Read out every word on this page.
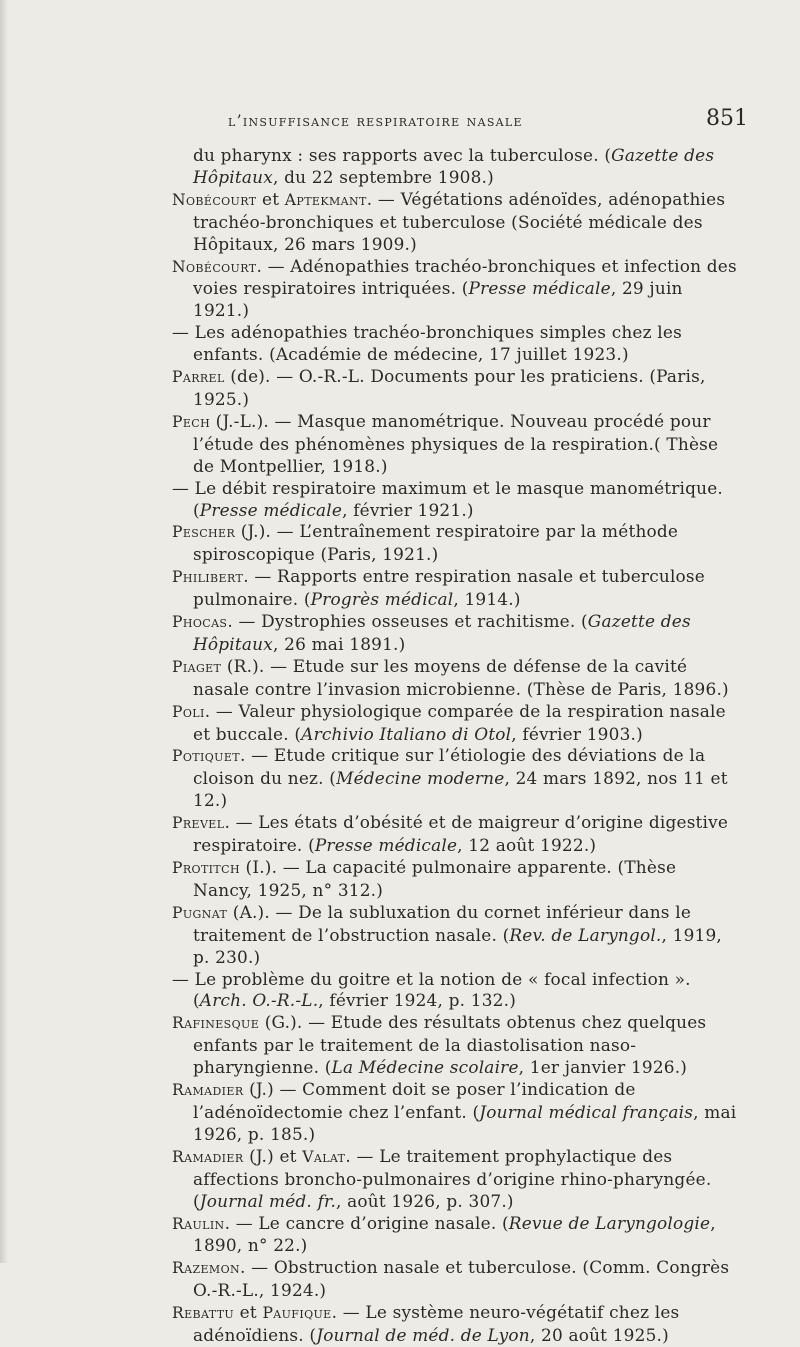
l’insuffisance respiratoire nasale	851
du pharynx : ses rapports avec la tuberculose. (Gazette des Hôpitaux, du 22 septembre 1908.)
Nobécourt et Aptekmant. — Végétations adénoïdes, adénopathies trachéo-bronchiques et tuberculose (Société médicale des Hôpitaux, 26 mars 1909.)
Nobécourt. — Adénopathies trachéo-bronchiques et infection des voies respiratoires intriquées. (Presse médicale, 29 juin 1921.)
— Les adénopathies trachéo-bronchiques simples chez les enfants. (Académie de médecine, 17 juillet 1923.)
Parrel (de). — O.-R.-L. Documents pour les praticiens. (Paris, 1925.)
Pech (J.-L.). — Masque manométrique. Nouveau procédé pour l’étude des phénomènes physiques de la respiration.( Thèse de Montpellier, 1918.)
— Le débit respiratoire maximum et le masque manométrique. (Presse médicale, février 1921.)
Pescher (J.). — L’entraînement respiratoire par la méthode spiroscopique (Paris, 1921.)
Philibert. — Rapports entre respiration nasale et tuberculose pulmonaire. (Progrès médical, 1914.)
Phocas. — Dystrophies osseuses et rachitisme. (Gazette des Hôpitaux, 26 mai 1891.)
Piaget (R.). — Etude sur les moyens de défense de la cavité nasale contre l’invasion microbienne. (Thèse de Paris, 1896.)
Poli. — Valeur physiologique comparée de la respiration nasale et buccale. (Archivio Italiano di Otol, février 1903.)
Potiquet. — Etude critique sur l’étiologie des déviations de la cloison du nez. (Médecine moderne, 24 mars 1892, nos 11 et 12.)
Prevel. — Les états d’obésité et de maigreur d’origine digestive respiratoire. (Presse médicale, 12 août 1922.)
Protitch (I.). — La capacité pulmonaire apparente. (Thèse Nancy, 1925, n° 312.)
Pugnat (A.). — De la subluxation du cornet inférieur dans le traitement de l’obstruction nasale. (Rev. de Laryngol., 1919, p. 230.)
— Le problème du goitre et la notion de « focal infection ». (Arch. O.-R.-L., février 1924, p. 132.)
Rafinesque (G.). — Etude des résultats obtenus chez quelques enfants par le traitement de la diastolisation naso-pharyngienne. (La Médecine scolaire, 1er janvier 1926.)
Ramadier (J.) — Comment doit se poser l’indication de l’adénoïdectomie chez l’enfant. (Journal médical français, mai 1926, p. 185.)
Ramadier (J.) et Valat. — Le traitement prophylactique des affections broncho-pulmonaires d’origine rhino-pharyngée. (Journal méd. fr., août 1926, p. 307.)
Raulin. — Le cancre d’origine nasale. (Revue de Laryngologie, 1890, n° 22.)
Razemon. — Obstruction nasale et tuberculose. (Comm. Congrès O.-R.-L., 1924.)
Rebattu et Paufique. — Le système neuro-végétatif chez les adénoïdiens. (Journal de méd. de Lyon, 20 août 1925.)
